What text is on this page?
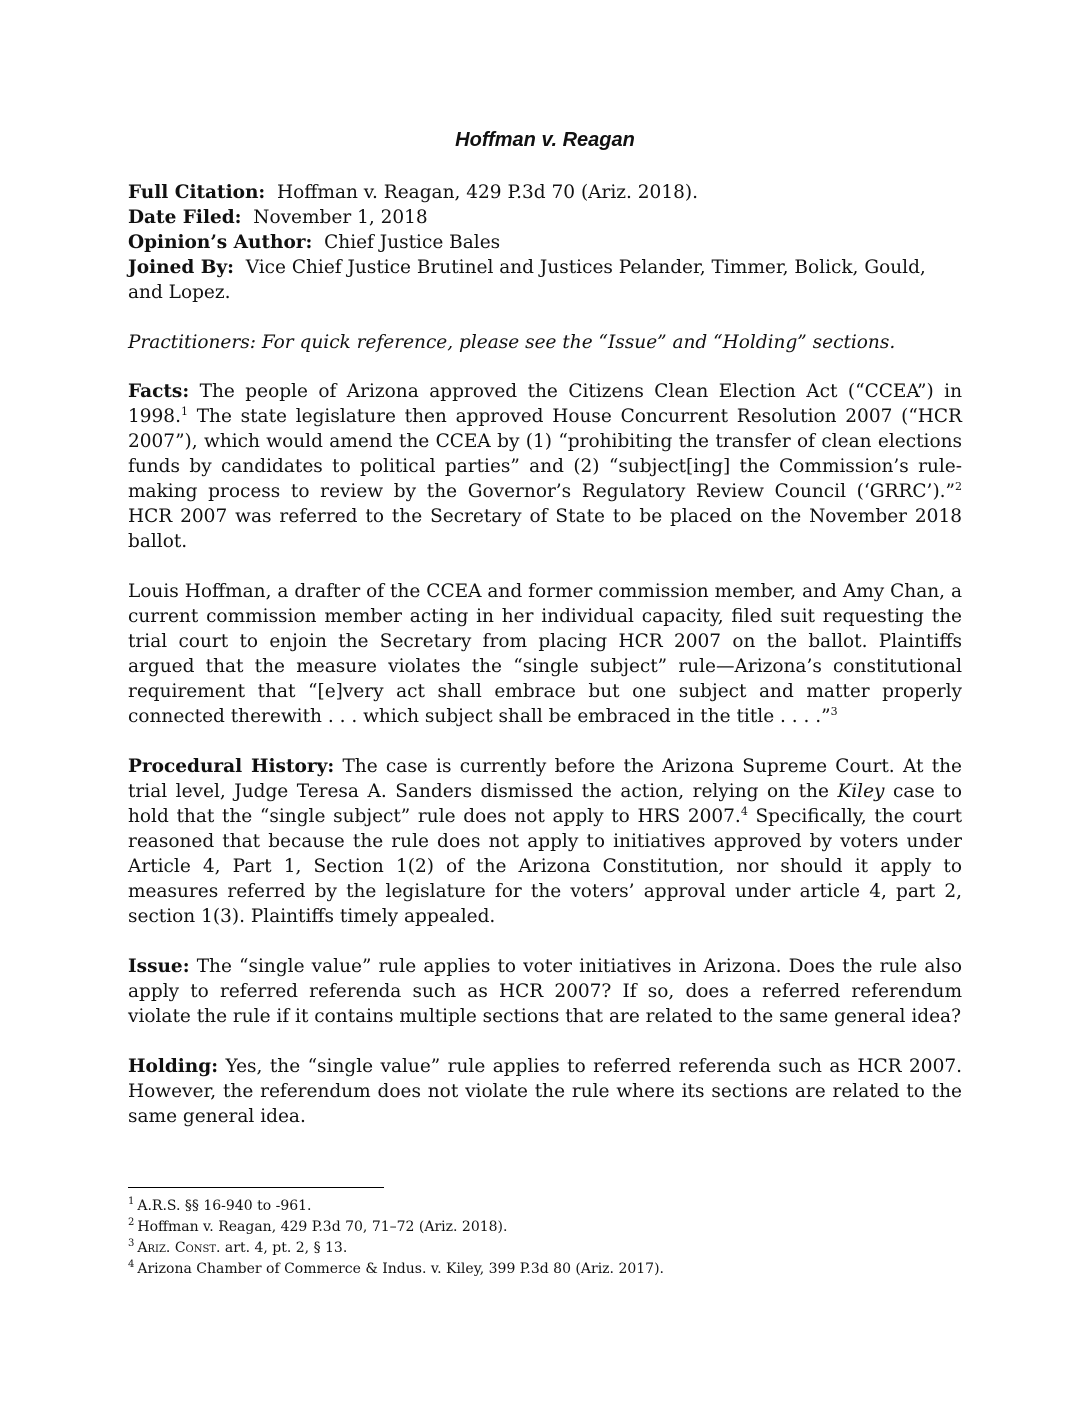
Hoffman v. Reagan

Full Citation: Hoffman v. Reagan, 429 P.3d 70 (Ariz. 2018).

Date Filed: November 1, 2018

Opinion’s Author: Chief Justice Bales

Joined By: Vice Chief Justice Brutinel and Justices Pelander, Timmer, Bolick, Gould, and Lopez.

Practitioners: For quick reference, please see the “Issue” and “Holding” sections.

Facts: The people of Arizona approved the Citizens Clean Election Act (“CCEA”) in 1998.$^1$ The state legislature then approved House Concurrent Resolution 2007 (“HCR 2007”), which would amend the CCEA by (1) “prohibiting the transfer of clean elections funds by candidates to political parties” and (2) “subject[ing] the Commission’s rule-making process to review by the Governor’s Regulatory Review Council (‘GRRC’).”$^2$ HCR 2007 was referred to the Secretary of State to be placed on the November 2018 ballot.

Louis Hoffman, a drafter of the CCEA and former commission member, and Amy Chan, a current commission member acting in her individual capacity, filed suit requesting the trial court to enjoin the Secretary from placing HCR 2007 on the ballot. Plaintiffs argued that the measure violates the “single subject” rule—Arizona’s constitutional requirement that “[e]very act shall embrace but one subject and matter properly connected therewith . . . which subject shall be embraced in the title . . . .”$^3$

Procedural History: The case is currently before the Arizona Supreme Court. At the trial level, Judge Teresa A. Sanders dismissed the action, relying on the Kiley case to hold that the “single subject” rule does not apply to HRS 2007.$^4$ Specifically, the court reasoned that because the rule does not apply to initiatives approved by voters under Article 4, Part 1, Section 1(2) of the Arizona Constitution, nor should it apply to measures referred by the legislature for the voters’ approval under article 4, part 2, section 1(3). Plaintiffs timely appealed.

Issue: The “single value” rule applies to voter initiatives in Arizona. Does the rule also apply to referred referenda such as HCR 2007? If so, does a referred referendum violate the rule if it contains multiple sections that are related to the same general idea?

Holding: Yes, the “single value” rule applies to referred referenda such as HCR 2007. However, the referendum does not violate the rule where its sections are related to the same general idea.

$^1$ A.R.S. §§ 16-940 to -961.

$^2$ Hoffman v. Reagan, 429 P.3d 70, 71–72 (Ariz. 2018).

$^3$ Ariz. Const. art. 4, pt. 2, § 13.

$^4$ Arizona Chamber of Commerce & Indus. v. Kiley, 399 P.3d 80 (Ariz. 2017).
